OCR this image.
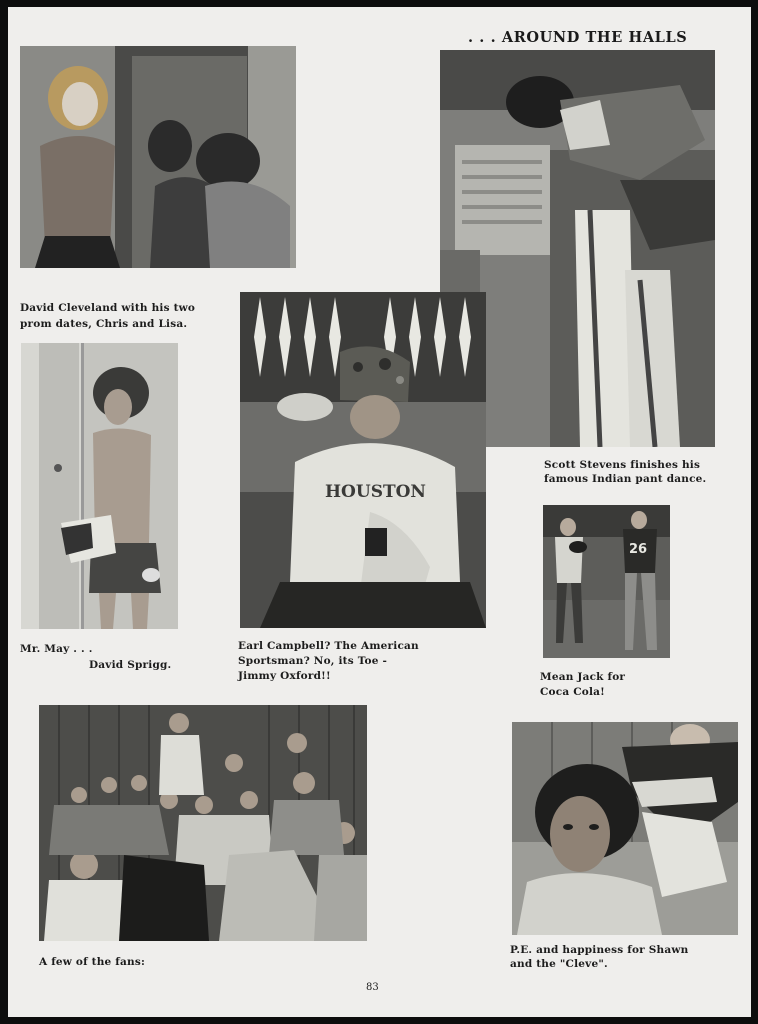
. . . AROUND THE HALLS

David Cleveland with his two

prom dates, Chris and Lisa.

Scott Stevens finishes his

famous Indian pant dance.

Mr. May . . .

David Sprigg.

HOUSTON

Earl Campbell? The American

Sportsman? No, its Toe -

Jimmy Oxford!!

26

Mean Jack for

Coca Cola!

A few of the fans:

P.E. and happiness for Shawn

and the "Cleve".

83
